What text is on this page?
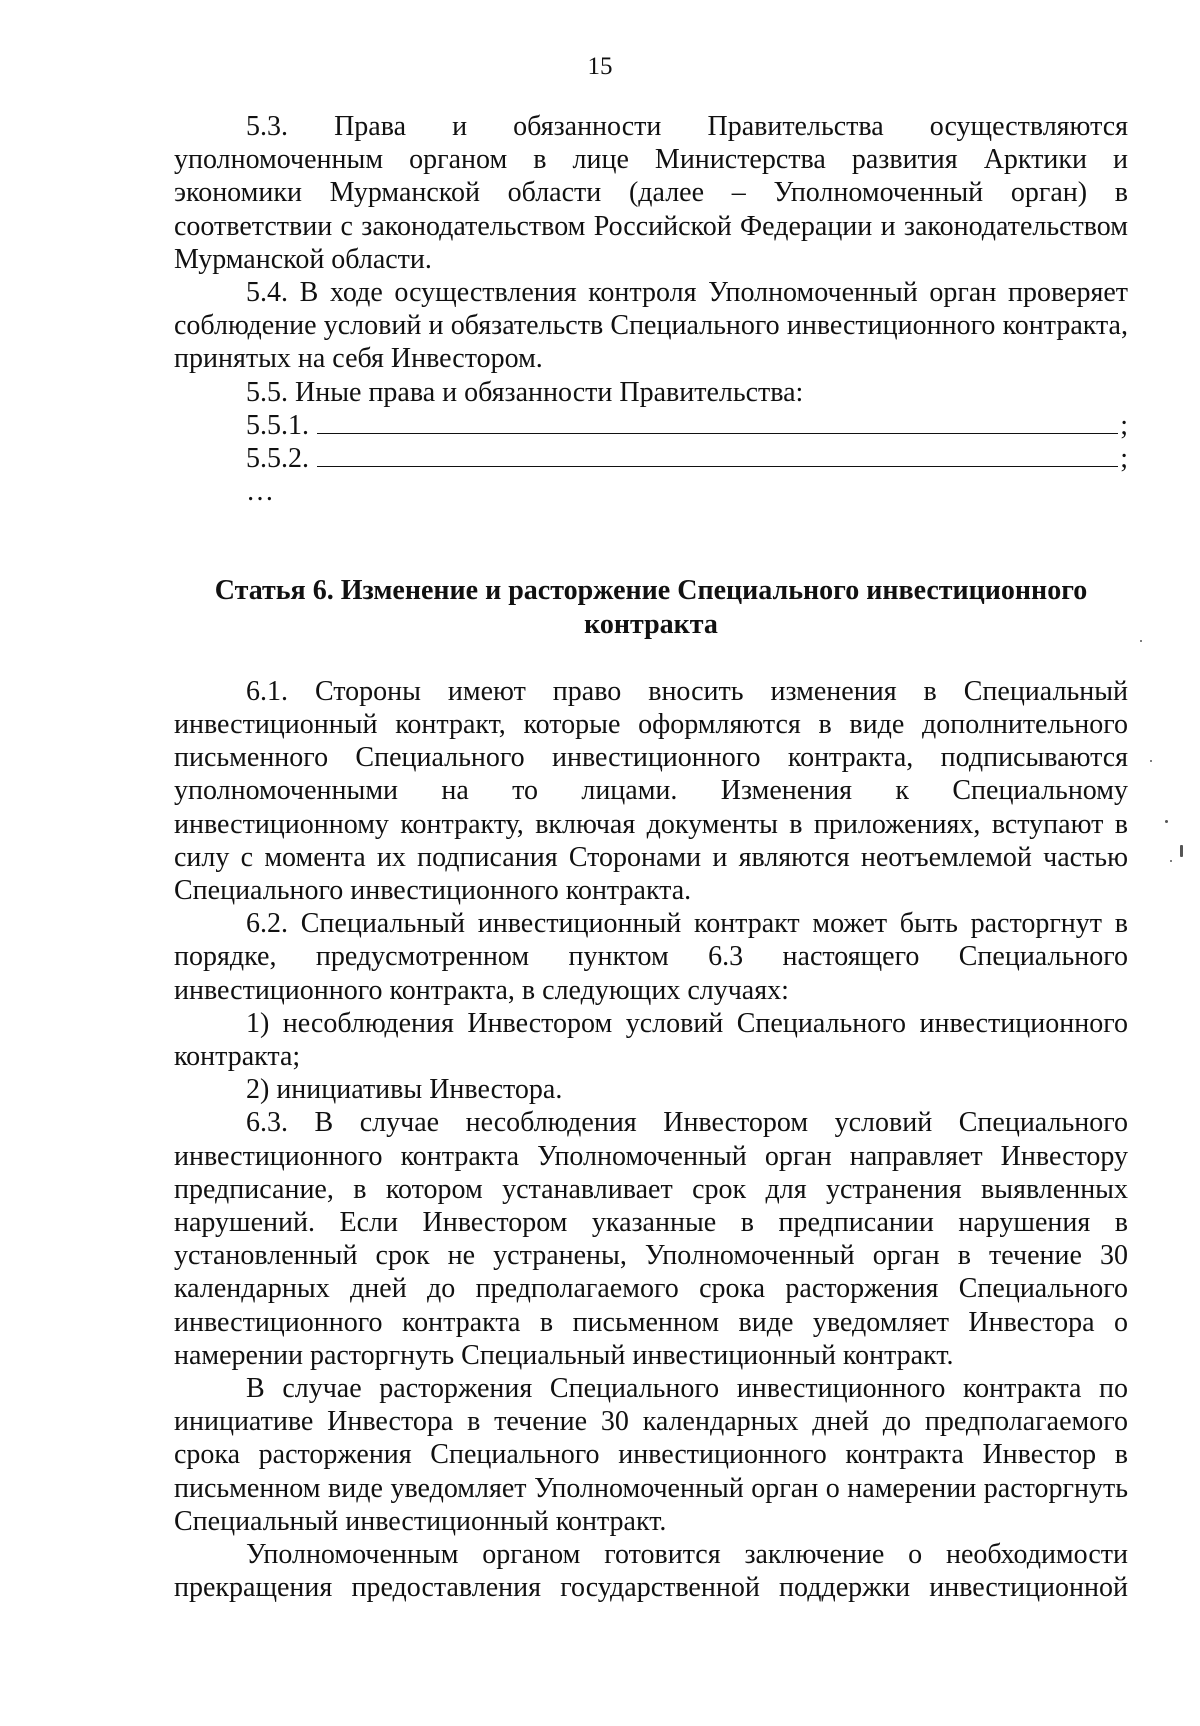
15

5.3. Права и обязанности Правительства осуществляются уполномоченным органом в лице Министерства развития Арктики и экономики Мурманской области (далее – Уполномоченный орган) в соответствии с законодательством Российской Федерации и законодательством Мурманской области.

5.4. В ходе осуществления контроля Уполномоченный орган проверяет соблюдение условий и обязательств Специального инвестиционного контракта, принятых на себя Инвестором.

5.5. Иные права и обязанности Правительства:

5.5.1.	;
5.5.2.	;

…

Статья 6. Изменение и расторжение Специального инвестиционного
контракта

6.1. Стороны имеют право вносить изменения в Специальный инвестиционный контракт, которые оформляются в виде дополнительного письменного Специального инвестиционного контракта, подписываются уполномоченными на то лицами. Изменения к Специальному инвестиционному контракту, включая документы в приложениях, вступают в силу с момента их подписания Сторонами и являются неотъемлемой частью Специального инвестиционного контракта.

6.2. Специальный инвестиционный контракт может быть расторгнут в порядке, предусмотренном пунктом 6.3 настоящего Специального инвестиционного контракта, в следующих случаях:

1) несоблюдения Инвестором условий Специального инвестиционного контракта;

2) инициативы Инвестора.

6.3. В случае несоблюдения Инвестором условий Специального инвестиционного контракта Уполномоченный орган направляет Инвестору предписание, в котором устанавливает срок для устранения выявленных нарушений. Если Инвестором указанные в предписании нарушения в установленный срок не устранены, Уполномоченный орган в течение 30 календарных дней до предполагаемого срока расторжения Специального инвестиционного контракта в письменном виде уведомляет Инвестора о намерении расторгнуть Специальный инвестиционный контракт.

В случае расторжения Специального инвестиционного контракта по инициативе Инвестора в течение 30 календарных дней до предполагаемого срока расторжения Специального инвестиционного контракта Инвестор в письменном виде уведомляет Уполномоченный орган о намерении расторгнуть Специальный инвестиционный контракт.

Уполномоченным органом готовится заключение о необходимости прекращения предоставления государственной поддержки инвестиционной
